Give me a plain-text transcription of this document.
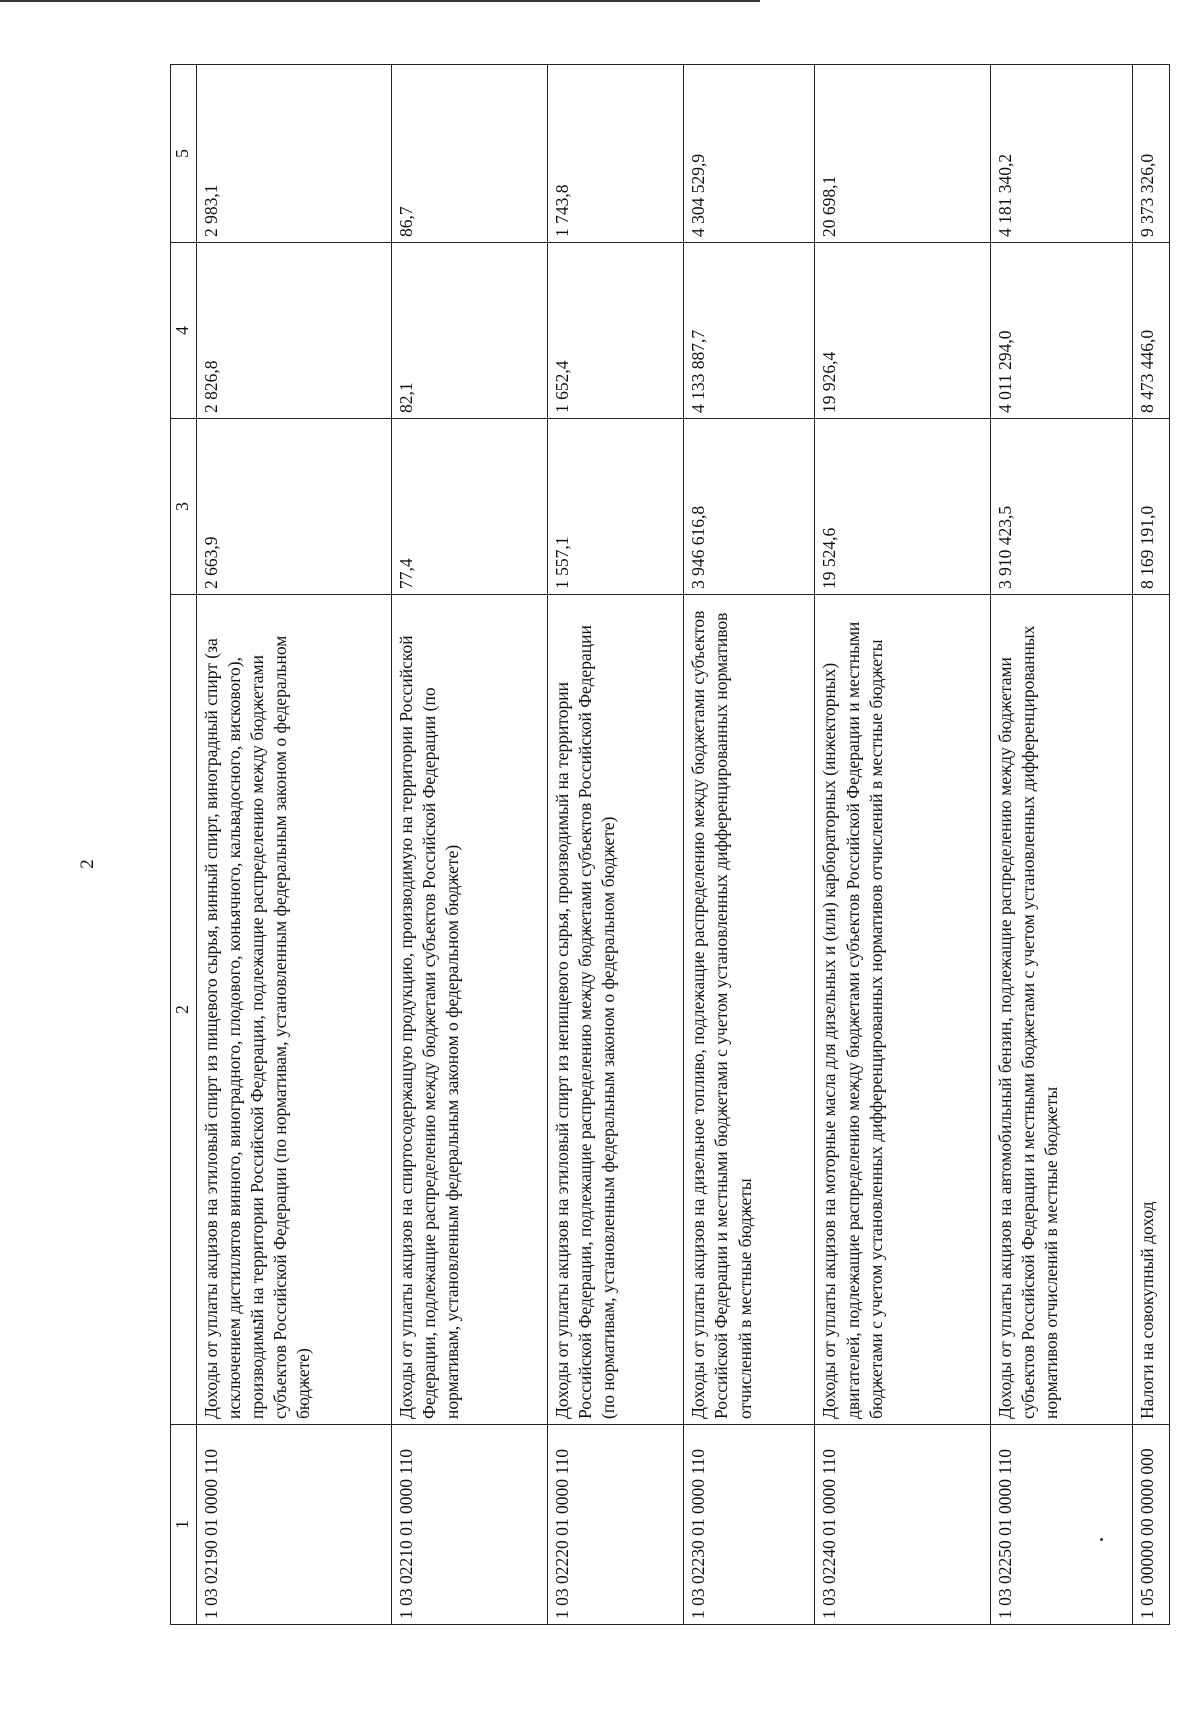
2
1	2	3	4	5
1 03 02190 01 0000 110	Доходы от уплаты акцизов на этиловый спирт из пищевого сырья, винный спирт, виноградный спирт (за исключением дистиллятов винного, виноградного, плодового, коньячного, кальвадосного, вискового), производимый на территории Российской Федерации, подлежащие распределению между бюджетами субъектов Российской Федерации (по нормативам, установленным федеральным законом о федеральном бюджете)	2 663,9	2 826,8	2 983,1
1 03 02210 01 0000 110	Доходы от уплаты акцизов на спиртосодержащую продукцию, производимую на территории Российской Федерации, подлежащие распределению между бюджетами субъектов Российской Федерации (по нормативам, установленным федеральным законом о федеральном бюджете)	77,4	82,1	86,7
1 03 02220 01 0000 110	Доходы от уплаты акцизов на этиловый спирт из непищевого сырья, производимый на территории Российской Федерации, подлежащие распределению между бюджетами субъектов Российской Федерации (по нормативам, установленным федеральным законом о федеральном бюджете)	1 557,1	1 652,4	1 743,8
1 03 02230 01 0000 110	Доходы от уплаты акцизов на дизельное топливо, подлежащие распределению между бюджетами субъектов Российской Федерации и местными бюджетами с учетом установленных дифференцированных нормативов отчислений в местные бюджеты	3 946 616,8	4 133 887,7	4 304 529,9
1 03 02240 01 0000 110	Доходы от уплаты акцизов на моторные масла для дизельных и (или) карбюраторных (инжекторных) двигателей, подлежащие распределению между бюджетами субъектов Российской Федерации и местными бюджетами с учетом установленных дифференцированных нормативов отчислений в местные бюджеты	19 524,6	19 926,4	20 698,1
1 03 02250 01 0000 110	Доходы от уплаты акцизов на автомобильный бензин, подлежащие распределению между бюджетами субъектов Российской Федерации и местными бюджетами с учетом установленных дифференцированных нормативов отчислений в местные бюджеты	3 910 423,5	4 011 294,0	4 181 340,2
1 05 00000 00 0000 000	Налоги на совокупный доход	8 169 191,0	8 473 446,0	9 373 326,0
